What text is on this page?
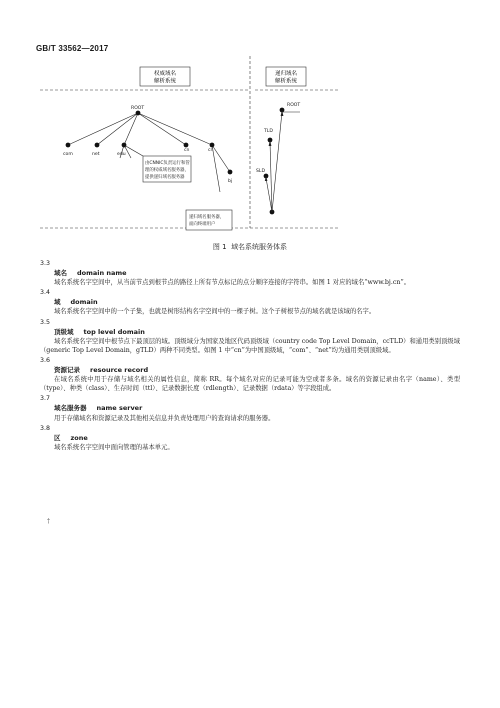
GB/T 33562—2017
权威域名
解析系统
递归域名
解析系统
ROOT
com	net	edu
cn	cn
bj
ROOT
TLD
SLD
由CNNIC负责运行和管
理的权威域名服务器，
提供递归域名服务器
递归域名服务器，
面向终端用户
图 1 域名系统服务体系
3.3
域名 domain name
域名系统名字空间中，从当前节点到根节点的路径上所有节点标记的点分顺序连接的字符串。如图 1 对应的域名“www.bj.cn”。
3.4
域 domain
域名系统名字空间中的一个子集，也就是树形结构名字空间中的一棵子树。这个子树根节点的域名就是该域的名字。
3.5
顶级域 top level domain
域名系统名字空间中根节点下最顶层的域。顶级域分为国家及地区代码顶级域（country code Top Level Domain，ccTLD）和通用类别顶级域（generic Top Level Domain，gTLD）两种不同类型。如图 1 中“cn”为中国顶级域，“com”、“net”均为通用类别顶级域。
3.6
资源记录 resource record
在域名系统中用于存储与域名相关的属性信息，简称 RR。每个域名对应的记录可能为空或者多条。域名的资源记录由名字（name）、类型（type）、种类（class）、生存时间（ttl）、记录数据长度（rdlength）、记录数据（rdata）等字段组成。
3.7
域名服务器 name server
用于存储域名和资源记录及其他相关信息并负责处理用户的查询请求的服务器。
3.8
区 zone
域名系统名字空间中面向管理的基本单元。
†
